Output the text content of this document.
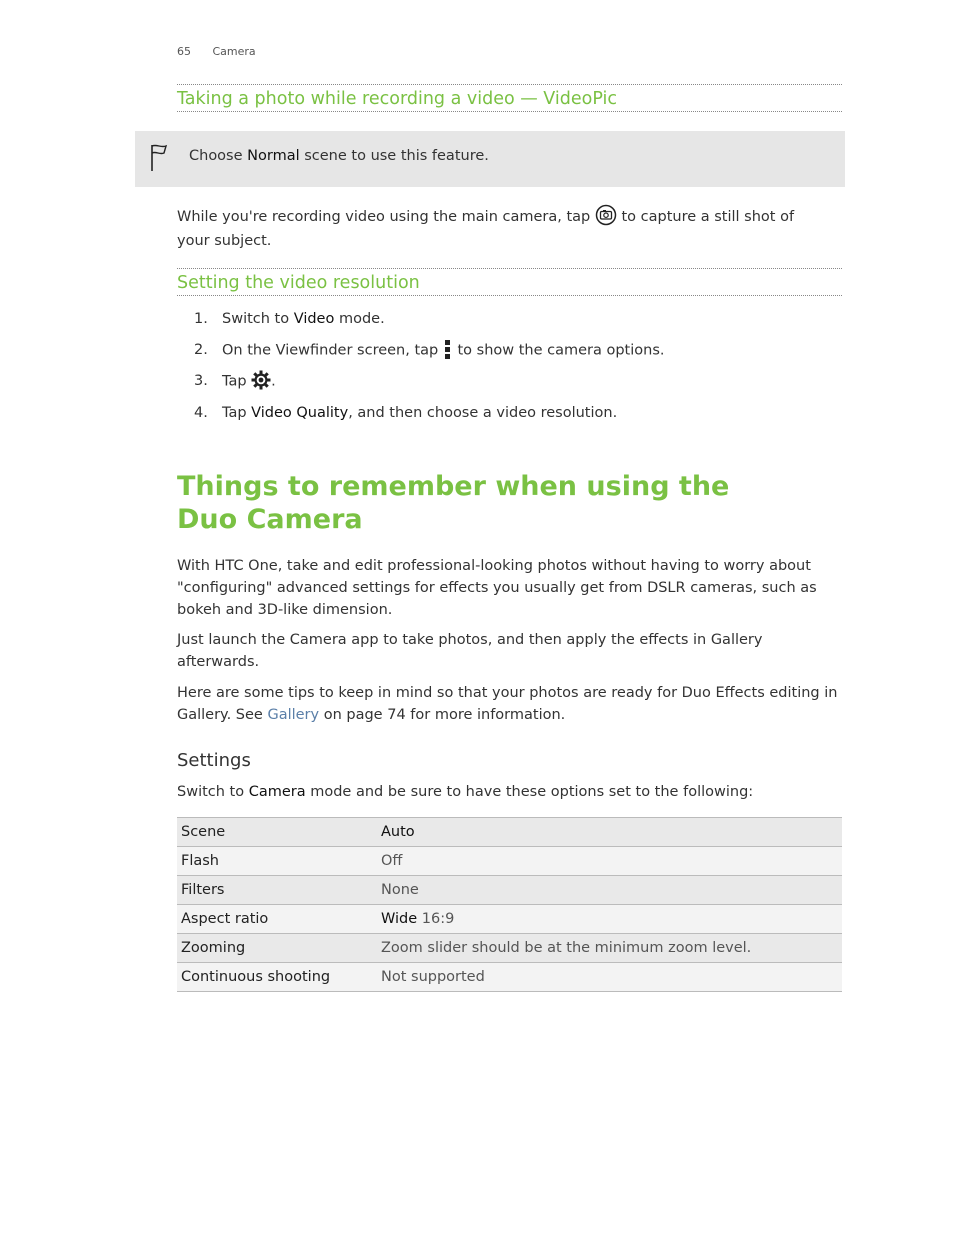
65 Camera
Taking a photo while recording a video — VideoPic
Choose Normal scene to use this feature.

While you're recording video using the main camera, tap  to capture a still shot of
your subject.

Setting the video resolution
1. Switch to Video mode.
2. On the Viewfinder screen, tap  to show the camera options.
3. Tap .
4. Tap Video Quality, and then choose a video resolution.
Things to remember when using the
Duo Camera

With HTC One, take and edit professional-looking photos without having to worry about "configuring" advanced settings for effects you usually get from DSLR cameras, such as bokeh and 3D-like dimension.

Just launch the Camera app to take photos, and then apply the effects in Gallery afterwards.

Here are some tips to keep in mind so that your photos are ready for Duo Effects editing in Gallery. See Gallery on page 74 for more information.

Settings

Switch to Camera mode and be sure to have these options set to the following:

Scene	Auto
Flash	Off
Filters	None
Aspect ratio	Wide 16:9
Zooming	Zoom slider should be at the minimum zoom level.
Continuous shooting	Not supported
